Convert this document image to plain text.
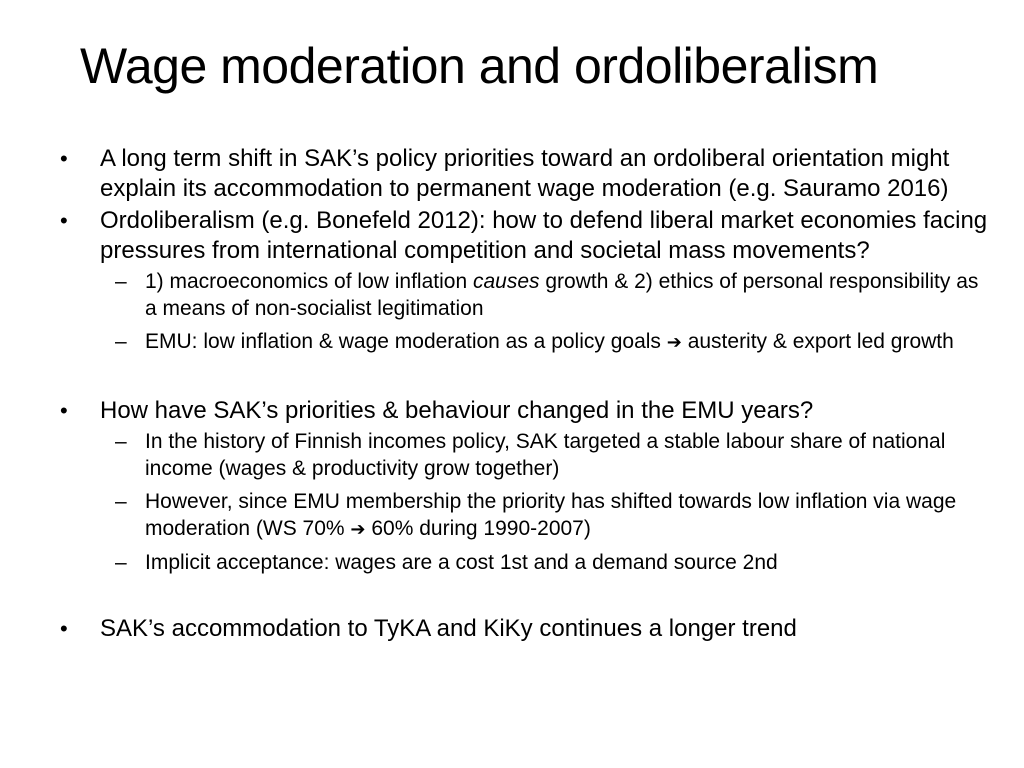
Wage moderation and ordoliberalism
• A long term shift in SAK’s policy priorities toward an ordoliberal orientation might explain its accommodation to permanent wage moderation (e.g. Sauramo 2016)
• Ordoliberalism (e.g. Bonefeld 2012): how to defend liberal market economies facing pressures from international competition and societal mass movements?
– 1) macroeconomics of low inflation causes growth & 2) ethics of personal responsibility as a means of non-socialist legitimation
– EMU: low inflation & wage moderation as a policy goals ➔ austerity & export led growth
• How have SAK’s priorities & behaviour changed in the EMU years?
– In the history of Finnish incomes policy, SAK targeted a stable labour share of national income (wages & productivity grow together)
– However, since EMU membership the priority has shifted towards low inflation via wage moderation (WS 70% ➔ 60% during 1990-2007)
– Implicit acceptance: wages are a cost 1st and a demand source 2nd
• SAK’s accommodation to TyKA and KiKy continues a longer trend
